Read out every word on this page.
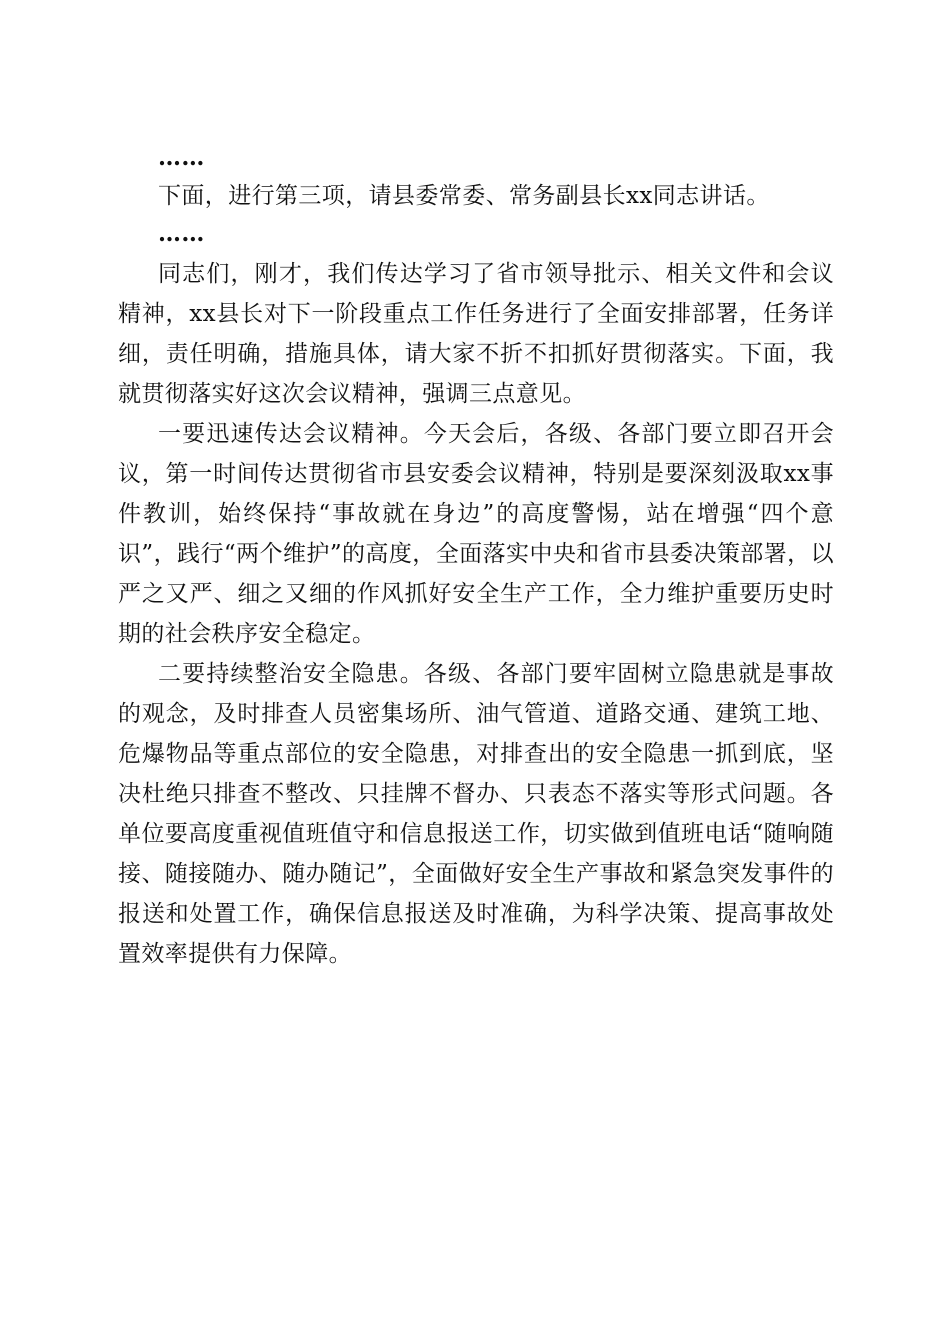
……

下面，进行第三项，请县委常委、常务副县长xx同志讲话。

……

同志们，刚才，我们传达学习了省市领导批示、相关文件和会议精神，xx县长对下一阶段重点工作任务进行了全面安排部署，任务详细，责任明确，措施具体，请大家不折不扣抓好贯彻落实。下面，我就贯彻落实好这次会议精神，强调三点意见。

一要迅速传达会议精神。今天会后，各级、各部门要立即召开会议，第一时间传达贯彻省市县安委会议精神，特别是要深刻汲取xx事件教训，始终保持“事故就在身边”的高度警惕，站在增强“四个意识”，践行“两个维护”的高度，全面落实中央和省市县委决策部署，以严之又严、细之又细的作风抓好安全生产工作，全力维护重要历史时期的社会秩序安全稳定。

二要持续整治安全隐患。各级、各部门要牢固树立隐患就是事故的观念，及时排查人员密集场所、油气管道、道路交通、建筑工地、危爆物品等重点部位的安全隐患，对排查出的安全隐患一抓到底，坚决杜绝只排查不整改、只挂牌不督办、只表态不落实等形式问题。各单位要高度重视值班值守和信息报送工作，切实做到值班电话“随响随接、随接随办、随办随记”，全面做好安全生产事故和紧急突发事件的报送和处置工作，确保信息报送及时准确，为科学决策、提高事故处置效率提供有力保障。
